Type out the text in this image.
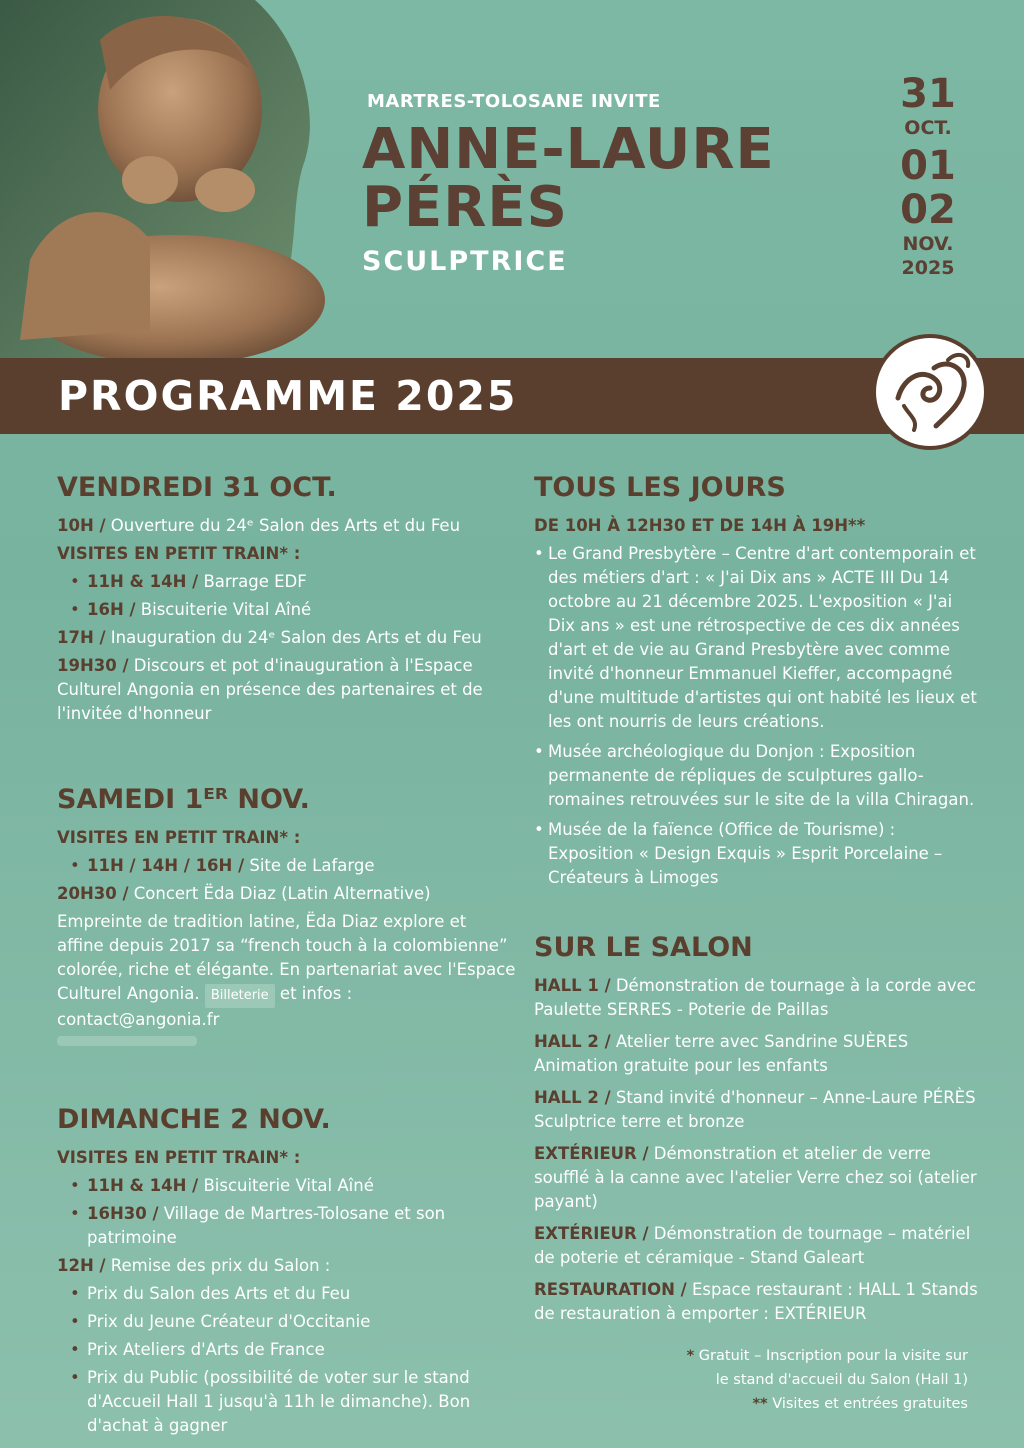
MARTRES-TOLOSANE INVITE
ANNE-LAURE
PÉRÈS
SCULPTRICE
31
OCT.
01
02
NOV.
2025
PROGRAMME 2025
VENDREDI 31 OCT.
10H / Ouverture du 24ᵉ Salon des Arts et du Feu
VISITES EN PETIT TRAIN* :
• 11H & 14H / Barrage EDF
• 16H / Biscuiterie Vital Aîné
17H / Inauguration du 24ᵉ Salon des Arts et du Feu
19H30 / Discours et pot d'inauguration à l'Espace Culturel Angonia en présence des partenaires et de l'invitée d'honneur
SAMEDI 1ᴱᴿ NOV.
VISITES EN PETIT TRAIN* :
• 11H / 14H / 16H / Site de Lafarge
20H30 / Concert Ëda Diaz (Latin Alternative)
Empreinte de tradition latine, Ëda Diaz explore et affine depuis 2017 sa “french touch à la colombienne” colorée, riche et élégante. En partenariat avec l'Espace Culturel Angonia. Billeterie et infos : contact@angonia.fr
DIMANCHE 2 NOV.
VISITES EN PETIT TRAIN* :
• 11H & 14H / Biscuiterie Vital Aîné
• 16H30 / Village de Martres-Tolosane et son patrimoine
12H / Remise des prix du Salon :
• Prix du Salon des Arts et du Feu
• Prix du Jeune Créateur d'Occitanie
• Prix Ateliers d'Arts de France
• Prix du Public (possibilité de voter sur le stand d'Accueil Hall 1 jusqu'à 11h le dimanche). Bon d'achat à gagner
TOUS LES JOURS
DE 10H À 12H30 ET DE 14H À 19H**
• Le Grand Presbytère – Centre d'art contemporain et des métiers d'art : « J'ai Dix ans » ACTE III Du 14 octobre au 21 décembre 2025. L'exposition « J'ai Dix ans » est une rétrospective de ces dix années d'art et de vie au Grand Presbytère avec comme invité d'honneur Emmanuel Kieffer, accompagné d'une multitude d'artistes qui ont habité les lieux et les ont nourris de leurs créations.
• Musée archéologique du Donjon : Exposition permanente de répliques de sculptures gallo-romaines retrouvées sur le site de la villa Chiragan.
• Musée de la faïence (Office de Tourisme) : Exposition « Design Exquis » Esprit Porcelaine – Créateurs à Limoges
SUR LE SALON
HALL 1 / Démonstration de tournage à la corde avec Paulette SERRES - Poterie de Paillas
HALL 2 / Atelier terre avec Sandrine SUÈRES Animation gratuite pour les enfants
HALL 2 / Stand invité d'honneur – Anne-Laure PÉRÈS Sculptrice terre et bronze
EXTÉRIEUR / Démonstration et atelier de verre soufflé à la canne avec l'atelier Verre chez soi (atelier payant)
EXTÉRIEUR / Démonstration de tournage – matériel de poterie et céramique - Stand Galeart
RESTAURATION / Espace restaurant : HALL 1 Stands de restauration à emporter : EXTÉRIEUR
* Gratuit – Inscription pour la visite sur
le stand d'accueil du Salon (Hall 1)
** Visites et entrées gratuites
